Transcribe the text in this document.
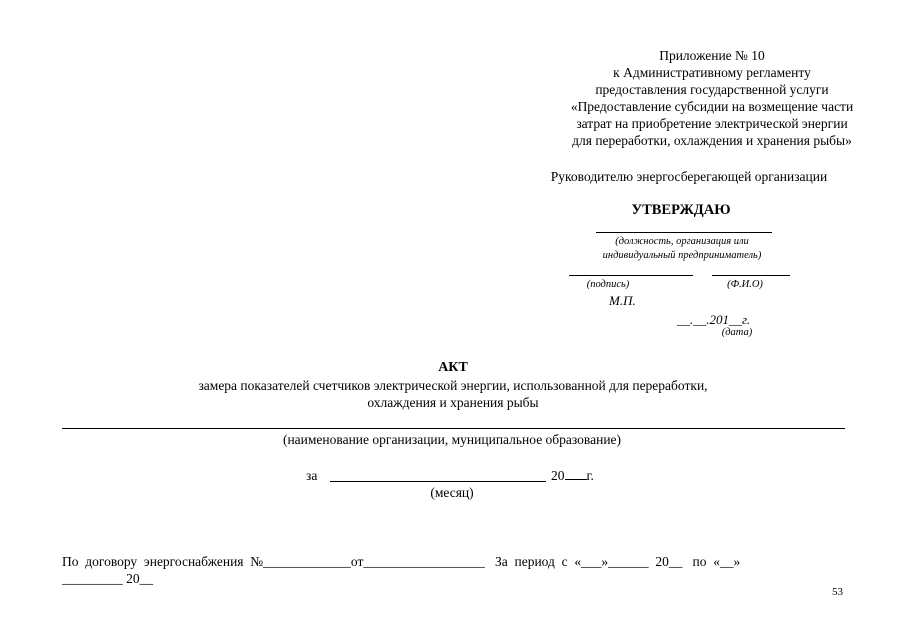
Приложение № 10
к Административному регламенту
предоставления государственной услуги
«Предоставление субсидии на возмещение части
затрат на приобретение электрической энергии
для переработки, охлаждения и хранения рыбы»
Руководителю энергосберегающей организации
УТВЕРЖДАЮ
(должность, организация или
индивидуальный предприниматель)
(подпись)	(Ф.И.О)
М.П.
__.__.201__г.
(дата)
АКТ
замера показателей счетчиков электрической энергии, использованной для переработки,
охлаждения и хранения рыбы
(наименование организации, муниципальное образование)
за	20 г.
(месяц)
По  договору  энергоснабжения  №_____________от__________________   За  период  с  «___»______  20__   по  «__»
_________ 20__
53
